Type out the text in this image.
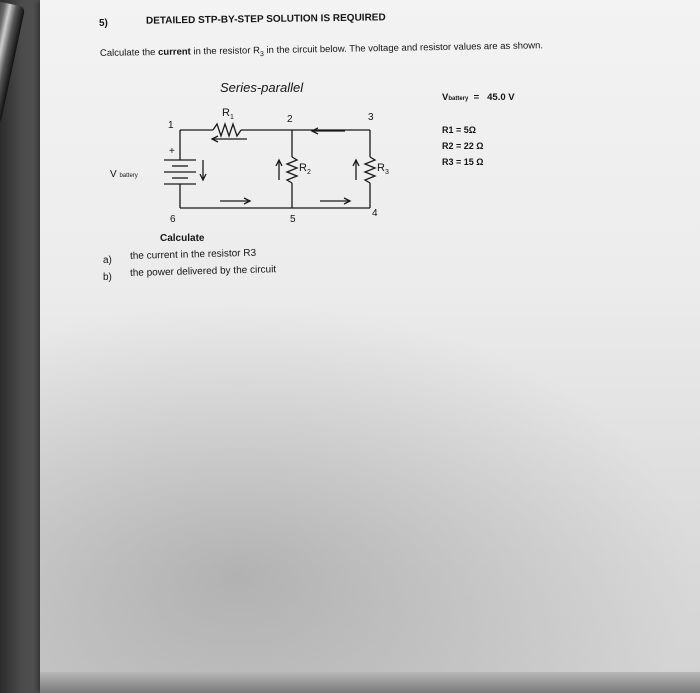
5)	DETAILED STP-BY-STEP SOLUTION IS REQUIRED
Calculate the current in the resistor $R_3$ in the circuit below. The voltage and resistor values are as shown.
Series-parallel
1
2	3
4
5
6
$R_1$
$R_2$	$R_3$
+
V battery
Vbattery = 45.0 V
R1 = 5Ω
R2 = 22 Ω
R3 = 15 Ω
Calculate
a) the current in the resistor R3
b) the power delivered by the circuit
